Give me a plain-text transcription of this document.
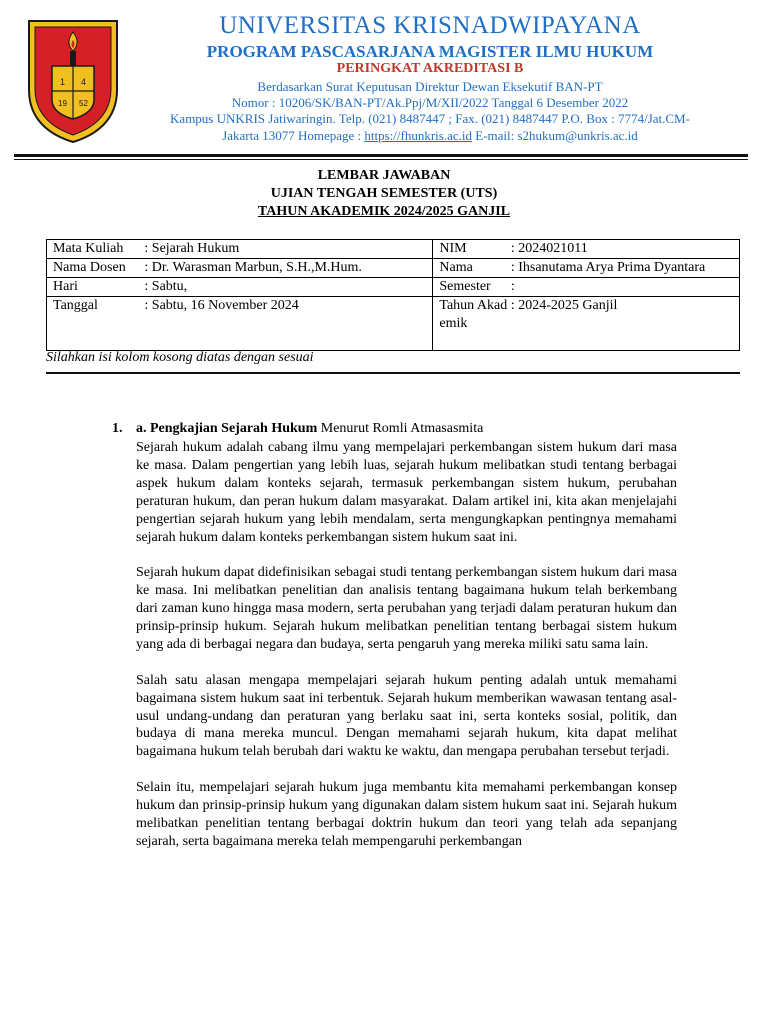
1 4
19 52
UNIVERSITAS KRISNADWIPAYANA
PROGRAM PASCASARJANA MAGISTER ILMU HUKUM
PERINGKAT AKREDITASI B
Berdasarkan Surat Keputusan Direktur Dewan Eksekutif BAN-PT
Nomor : 10206/SK/BAN-PT/Ak.Ppj/M/XII/2022 Tanggal 6 Desember 2022
Kampus UNKRIS Jatiwaringin. Telp. (021) 8487447 ; Fax. (021) 8487447 P.O. Box : 7774/Jat.CM-
Jakarta 13077 Homepage : https://fhunkris.ac.id E-mail: s2hukum@unkris.ac.id
LEMBAR JAWABAN
UJIAN TENGAH SEMESTER (UTS)
TAHUN AKADEMIK 2024/2025 GANJIL
Mata Kuliah	: Sejarah Hukum	NIM	: 2024021011
Nama Dosen	: Dr. Warasman Marbun, S.H.,M.Hum.	Nama	: Ihsanutama Arya Prima Dyantara
Hari	: Sabtu,	Semester	:
Tanggal	: Sabtu, 16 November 2024	Tahun Akademik	: 2024-2025 Ganjil
Silahkan isi kolom kosong diatas dengan sesuai
1. a. Pengkajian Sejarah Hukum Menurut Romli Atmasasmita

Sejarah hukum adalah cabang ilmu yang mempelajari perkembangan sistem hukum dari masa ke masa. Dalam pengertian yang lebih luas, sejarah hukum melibatkan studi tentang berbagai aspek hukum dalam konteks sejarah, termasuk perkembangan sistem hukum, perubahan peraturan hukum, dan peran hukum dalam masyarakat. Dalam artikel ini, kita akan menjelajahi pengertian sejarah hukum yang lebih mendalam, serta mengungkapkan pentingnya memahami sejarah hukum dalam konteks perkembangan sistem hukum saat ini.

Sejarah hukum dapat didefinisikan sebagai studi tentang perkembangan sistem hukum dari masa ke masa. Ini melibatkan penelitian dan analisis tentang bagaimana hukum telah berkembang dari zaman kuno hingga masa modern, serta perubahan yang terjadi dalam peraturan hukum dan prinsip-prinsip hukum. Sejarah hukum melibatkan penelitian tentang berbagai sistem hukum yang ada di berbagai negara dan budaya, serta pengaruh yang mereka miliki satu sama lain.

Salah satu alasan mengapa mempelajari sejarah hukum penting adalah untuk memahami bagaimana sistem hukum saat ini terbentuk. Sejarah hukum memberikan wawasan tentang asal-usul undang-undang dan peraturan yang berlaku saat ini, serta konteks sosial, politik, dan budaya di mana mereka muncul. Dengan memahami sejarah hukum, kita dapat melihat bagaimana hukum telah berubah dari waktu ke waktu, dan mengapa perubahan tersebut terjadi.

Selain itu, mempelajari sejarah hukum juga membantu kita memahami perkembangan konsep hukum dan prinsip-prinsip hukum yang digunakan dalam sistem hukum saat ini. Sejarah hukum melibatkan penelitian tentang berbagai doktrin hukum dan teori yang telah ada sepanjang sejarah, serta bagaimana mereka telah mempengaruhi perkembangan
